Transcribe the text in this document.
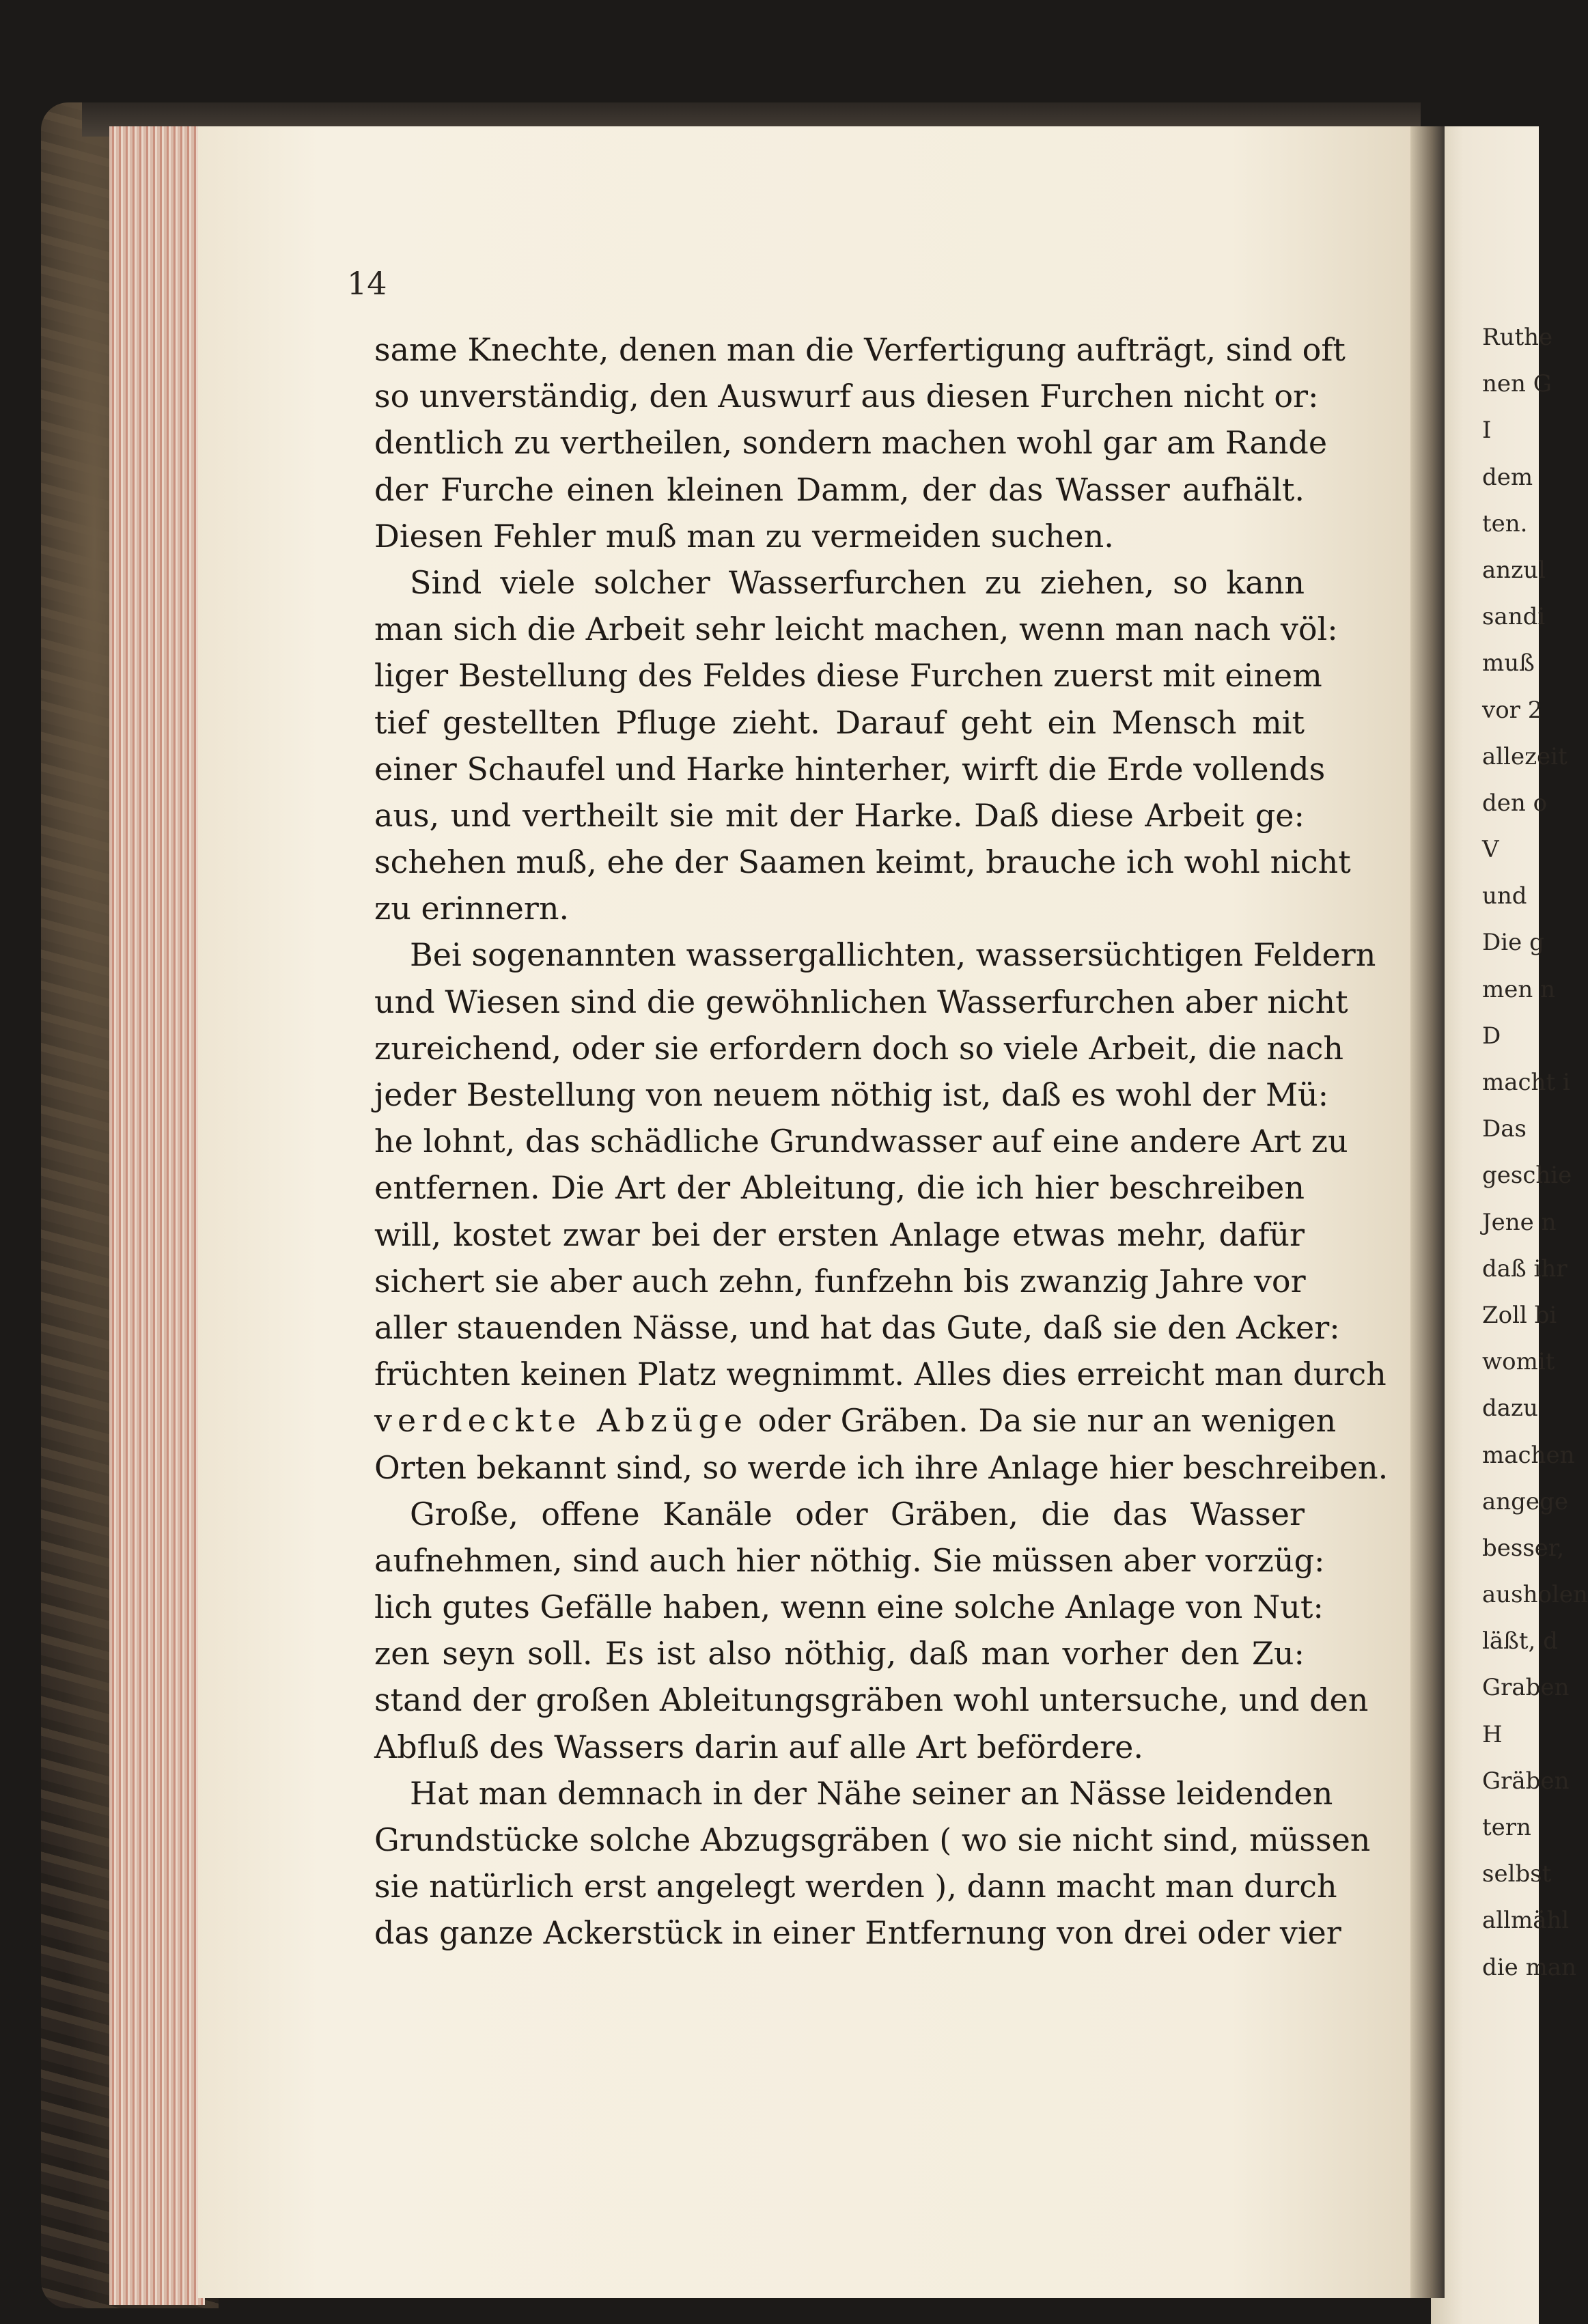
14
same Knechte, denen man die Verfertigung aufträgt, sind oft
so unverständig, den Auswurf aus diesen Furchen nicht or:
dentlich zu vertheilen, sondern machen wohl gar am Rande
der Furche einen kleinen Damm, der das Wasser aufhält.
Diesen Fehler muß man zu vermeiden suchen.
Sind viele solcher Wasserfurchen zu ziehen, so kann
man sich die Arbeit sehr leicht machen, wenn man nach völ:
liger Bestellung des Feldes diese Furchen zuerst mit einem
tief gestellten Pfluge zieht. Darauf geht ein Mensch mit
einer Schaufel und Harke hinterher, wirft die Erde vollends
aus, und vertheilt sie mit der Harke. Daß diese Arbeit ge:
schehen muß, ehe der Saamen keimt, brauche ich wohl nicht
zu erinnern.
Bei sogenannten wassergallichten, wassersüchtigen Feldern
und Wiesen sind die gewöhnlichen Wasserfurchen aber nicht
zureichend, oder sie erfordern doch so viele Arbeit, die nach
jeder Bestellung von neuem nöthig ist, daß es wohl der Mü:
he lohnt, das schädliche Grundwasser auf eine andere Art zu
entfernen. Die Art der Ableitung, die ich hier beschreiben
will, kostet zwar bei der ersten Anlage etwas mehr, dafür
sichert sie aber auch zehn, funfzehn bis zwanzig Jahre vor
aller stauenden Nässe, und hat das Gute, daß sie den Acker:
früchten keinen Platz wegnimmt. Alles dies erreicht man durch
verdeckte Abzüge oder Gräben. Da sie nur an wenigen
Orten bekannt sind, so werde ich ihre Anlage hier beschreiben.
Große, offene Kanäle oder Gräben, die das Wasser
aufnehmen, sind auch hier nöthig. Sie müssen aber vorzüg:
lich gutes Gefälle haben, wenn eine solche Anlage von Nut:
zen seyn soll. Es ist also nöthig, daß man vorher den Zu:
stand der großen Ableitungsgräben wohl untersuche, und den
Abfluß des Wassers darin auf alle Art befördere.
Hat man demnach in der Nähe seiner an Nässe leidenden
Grundstücke solche Abzugsgräben ( wo sie nicht sind, müssen
sie natürlich erst angelegt werden ), dann macht man durch
das ganze Ackerstück in einer Entfernung von drei oder vier
Ruthe
nen G
I
dem
ten.
anzul
sandi
muß
vor 2
allezeit
den o
V
und
Die g
men n
D
macht i
Das
geschie
Jene n
daß ihr
Zoll bi
womit
dazu
machen
angege
besser,
ausholen
läßt, d
Graben
H
Gräben
tern
selbst
allmähl
die man
